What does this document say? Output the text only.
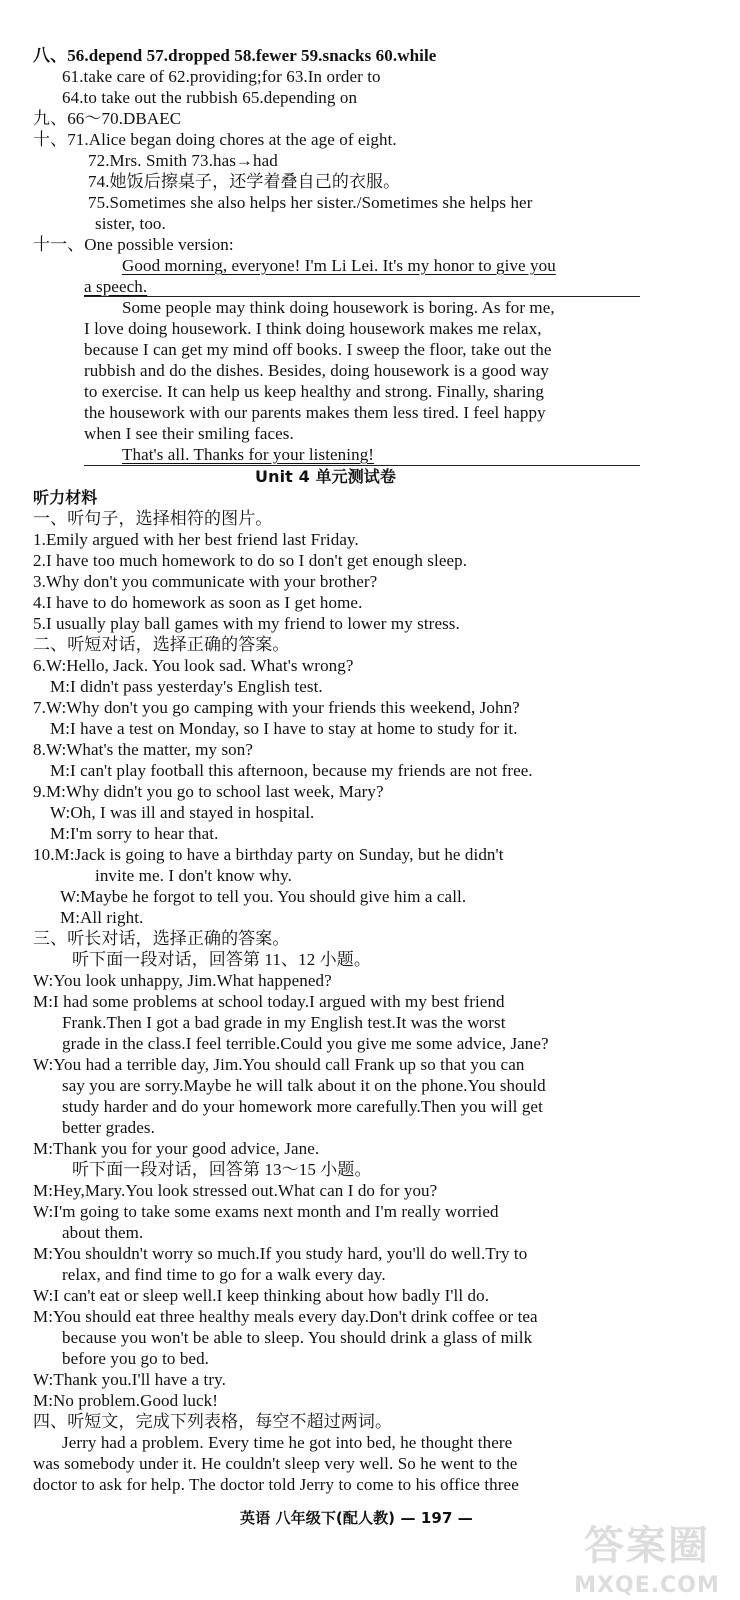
八、56.depend 57.dropped 58.fewer 59.snacks 60.while
61.take care of 62.providing;for 63.In order to
64.to take out the rubbish 65.depending on
九、66～70.DBAEC
十、71.Alice began doing chores at the age of eight.
72.Mrs. Smith 73.has→had
74.她饭后擦桌子，还学着叠自己的衣服。
75.Sometimes she also helps her sister./Sometimes she helps her
sister, too.
十一、One possible version:
Good morning, everyone! I'm Li Lei. It's my honor to give you
a speech.
Some people may think doing housework is boring. As for me,
I love doing housework. I think doing housework makes me relax,
because I can get my mind off books. I sweep the floor, take out the
rubbish and do the dishes. Besides, doing housework is a good way
to exercise. It can help us keep healthy and strong. Finally, sharing
the housework with our parents makes them less tired. I feel happy
when I see their smiling faces.
That's all. Thanks for your listening!
Unit 4 单元测试卷
听力材料
一、听句子，选择相符的图片。
1.Emily argued with her best friend last Friday.
2.I have too much homework to do so I don't get enough sleep.
3.Why don't you communicate with your brother?
4.I have to do homework as soon as I get home.
5.I usually play ball games with my friend to lower my stress.
二、听短对话，选择正确的答案。
6.W:Hello, Jack. You look sad. What's wrong?
M:I didn't pass yesterday's English test.
7.W:Why don't you go camping with your friends this weekend, John?
M:I have a test on Monday, so I have to stay at home to study for it.
8.W:What's the matter, my son?
M:I can't play football this afternoon, because my friends are not free.
9.M:Why didn't you go to school last week, Mary?
W:Oh, I was ill and stayed in hospital.
M:I'm sorry to hear that.
10.M:Jack is going to have a birthday party on Sunday, but he didn't
invite me. I don't know why.
W:Maybe he forgot to tell you. You should give him a call.
M:All right.
三、听长对话，选择正确的答案。
听下面一段对话，回答第 11、12 小题。
W:You look unhappy, Jim.What happened?
M:I had some problems at school today.I argued with my best friend
Frank.Then I got a bad grade in my English test.It was the worst
grade in the class.I feel terrible.Could you give me some advice, Jane?
W:You had a terrible day, Jim.You should call Frank up so that you can
say you are sorry.Maybe he will talk about it on the phone.You should
study harder and do your homework more carefully.Then you will get
better grades.
M:Thank you for your good advice, Jane.
听下面一段对话，回答第 13～15 小题。
M:Hey,Mary.You look stressed out.What can I do for you?
W:I'm going to take some exams next month and I'm really worried
about them.
M:You shouldn't worry so much.If you study hard, you'll do well.Try to
relax, and find time to go for a walk every day.
W:I can't eat or sleep well.I keep thinking about how badly I'll do.
M:You should eat three healthy meals every day.Don't drink coffee or tea
because you won't be able to sleep. You should drink a glass of milk
before you go to bed.
W:Thank you.I'll have a try.
M:No problem.Good luck!
四、听短文，完成下列表格，每空不超过两词。
Jerry had a problem. Every time he got into bed, he thought there
was somebody under it. He couldn't sleep very well. So he went to the
doctor to ask for help. The doctor told Jerry to come to his office three
英语 八年级下(配人教) — 197 —
答案圈
MXQE.COM
